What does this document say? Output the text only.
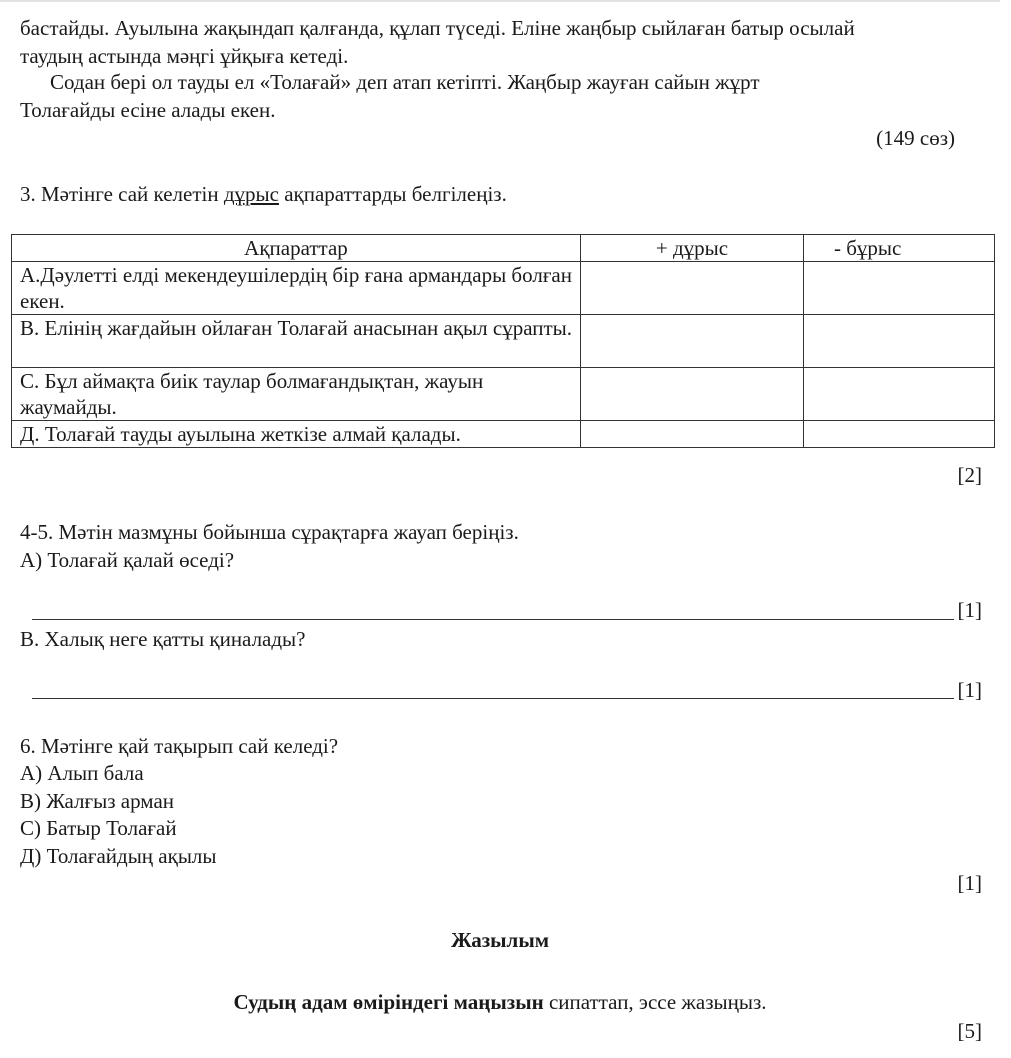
бастайды. Ауылына жақындап қалғанда, құлап түседі. Еліне жаңбыр сыйлаған батыр осылай

таудың астында мәңгі ұйқыға кетеді.

Содан бері ол тауды ел «Толағай» деп атап кетіпті. Жаңбыр жауған сайын жұрт

Толағайды есіне алады екен.

(149 сөз)
3. Мәтінге сай келетін дұрыс ақпараттарды белгілеңіз.
Ақпараттар	+ дұрыс	- бұрыс
А.Дәулетті елді мекендеушілердің бір ғана армандары болған екен.		
В. Елінің жағдайын ойлаған Толағай анасынан ақыл сұрапты.		
С. Бұл аймақта биік таулар болмағандықтан, жауын жаумайды.		
Д. Толағай тауды ауылына жеткізе алмай қалады.		
[2]
4-5. Мәтін мазмұны бойынша сұрақтарға жауап беріңіз.
А) Толағай қалай өседі?
[1]
В. Халық неге қатты қиналады?
[1]
6. Мәтінге қай тақырып сай келеді?
А) Алып бала
В) Жалғыз арман
С) Батыр Толағай
Д) Толағайдың ақылы
[1]
Жазылым
Судың адам өміріндегі маңызын сипаттап, эссе жазыңыз.
[5]
